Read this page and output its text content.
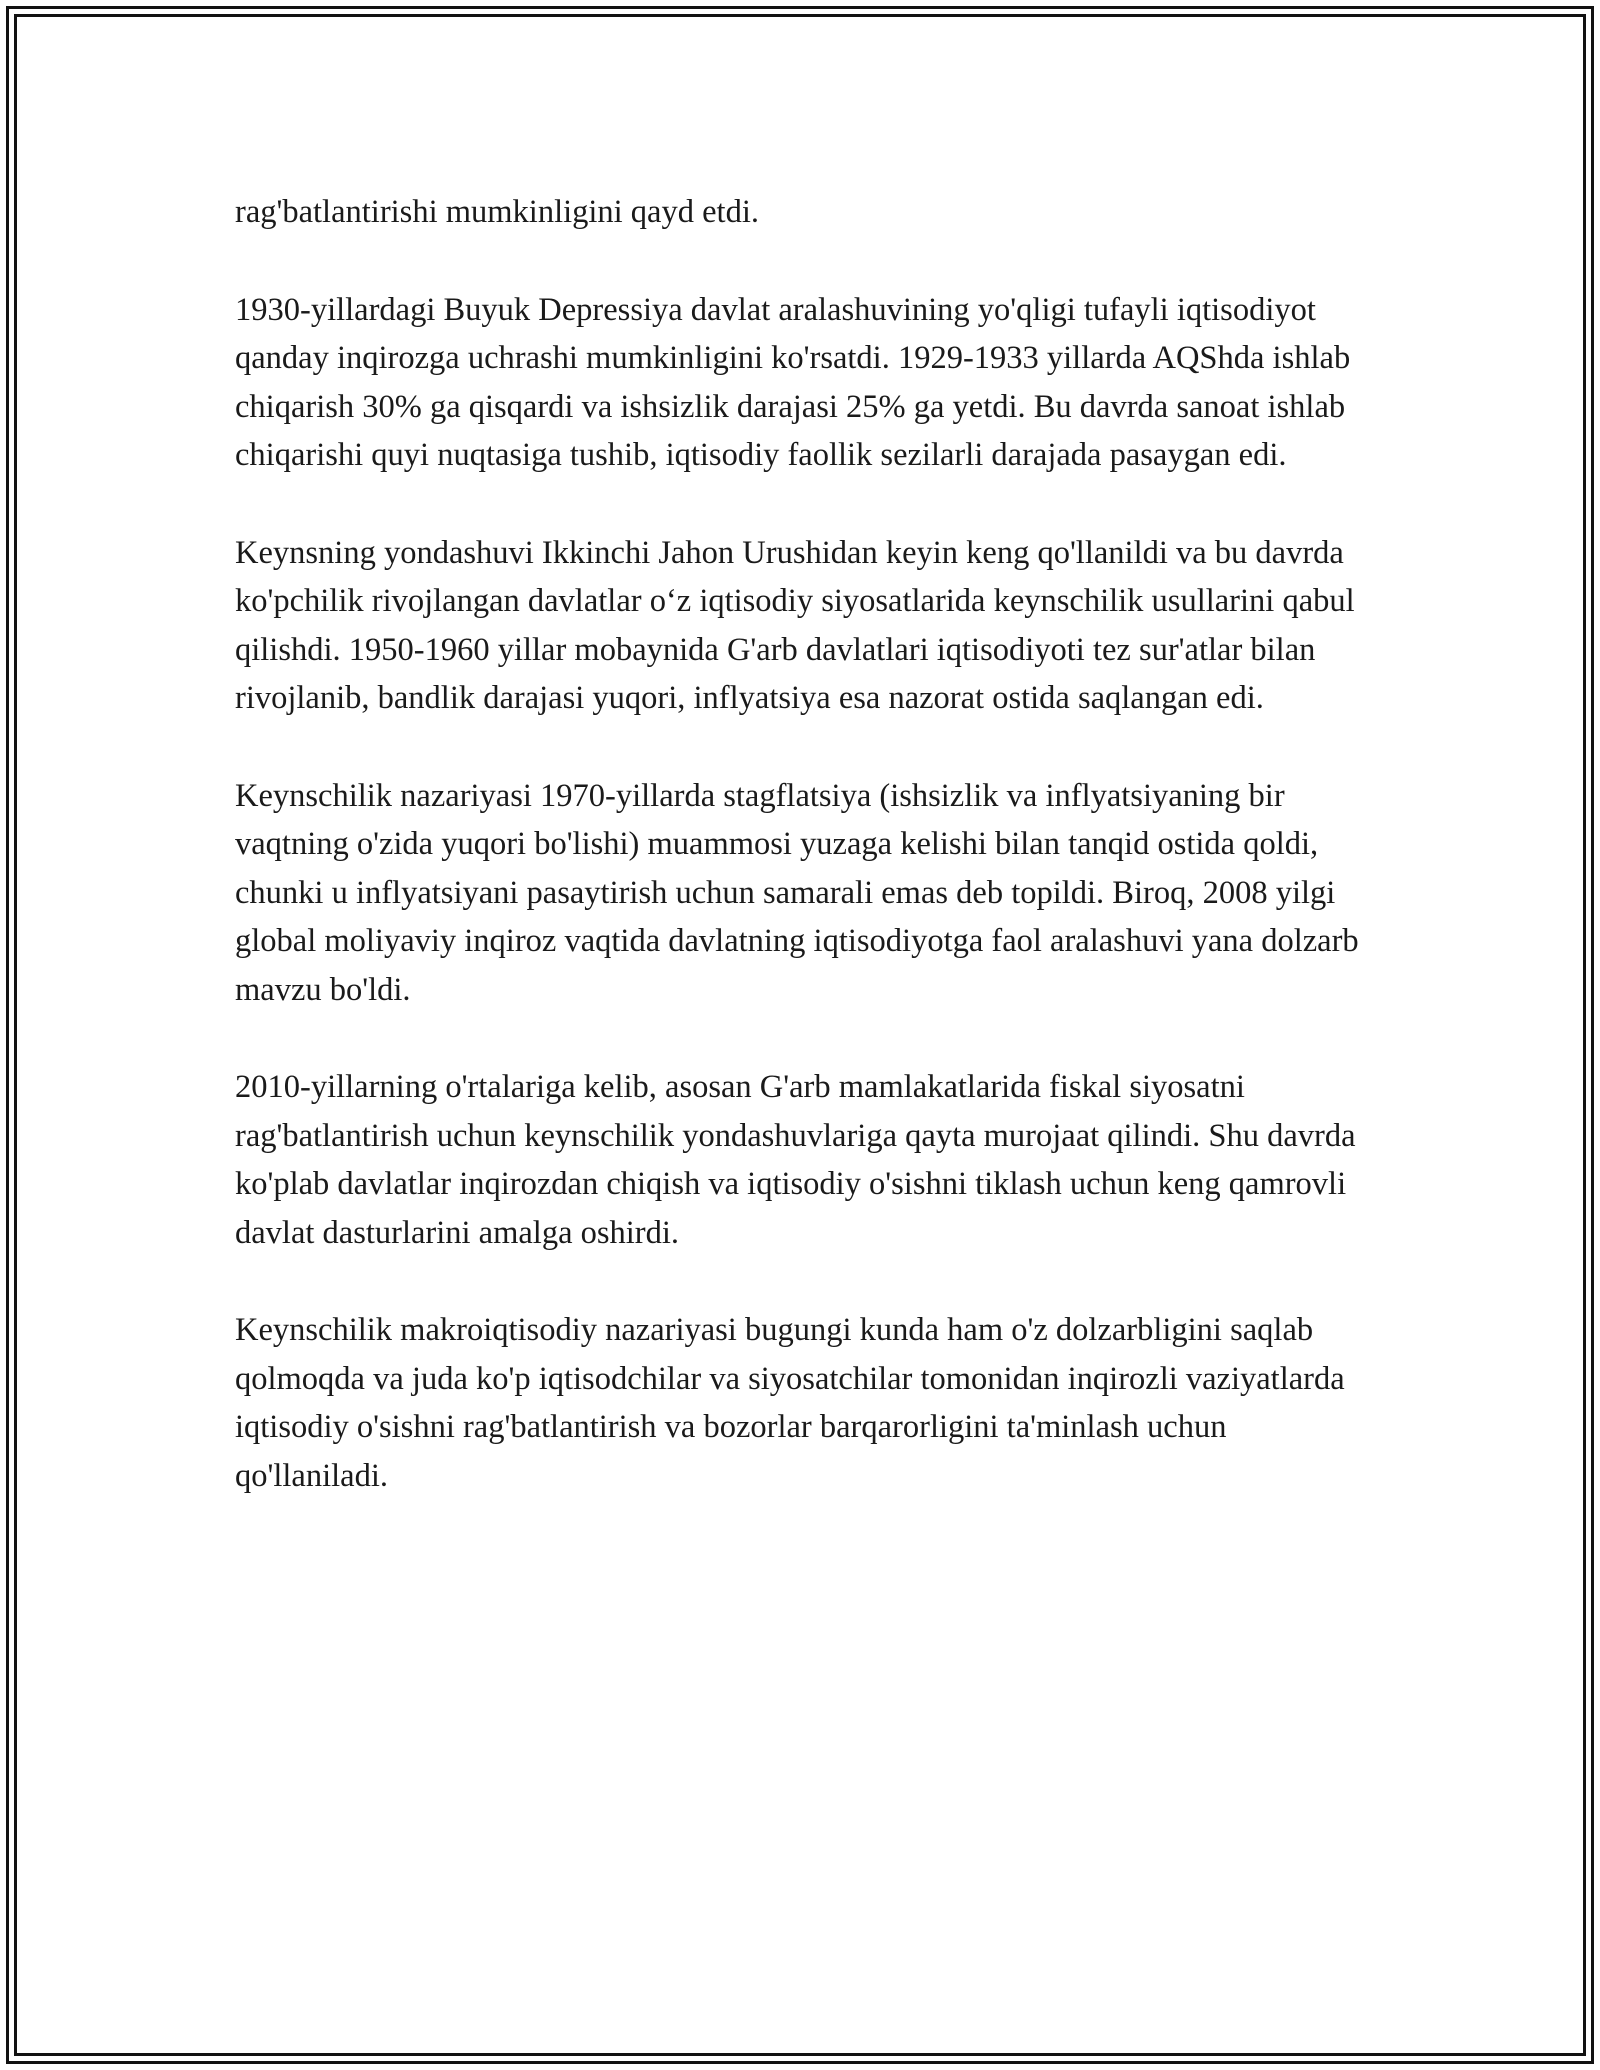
rag'batlantirishi mumkinligini qayd etdi.

1930-yillardagi Buyuk Depressiya davlat aralashuvining yo'qligi tufayli iqtisodiyot qanday inqirozga uchrashi mumkinligini ko'rsatdi. 1929-1933 yillarda AQShda ishlab chiqarish 30% ga qisqardi va ishsizlik darajasi 25% ga yetdi. Bu davrda sanoat ishlab chiqarishi quyi nuqtasiga tushib, iqtisodiy faollik sezilarli darajada pasaygan edi.

Keynsning yondashuvi Ikkinchi Jahon Urushidan keyin keng qo'llanildi va bu davrda ko'pchilik rivojlangan davlatlar o‘z iqtisodiy siyosatlarida keynschilik usullarini qabul qilishdi. 1950-1960 yillar mobaynida G'arb davlatlari iqtisodiyoti tez sur'atlar bilan rivojlanib, bandlik darajasi yuqori, inflyatsiya esa nazorat ostida saqlangan edi.

Keynschilik nazariyasi 1970-yillarda stagflatsiya (ishsizlik va inflyatsiyaning bir vaqtning o'zida yuqori bo'lishi) muammosi yuzaga kelishi bilan tanqid ostida qoldi, chunki u inflyatsiyani pasaytirish uchun samarali emas deb topildi. Biroq, 2008 yilgi global moliyaviy inqiroz vaqtida davlatning iqtisodiyotga faol aralashuvi yana dolzarb mavzu bo'ldi.

2010-yillarning o'rtalariga kelib, asosan G'arb mamlakatlarida fiskal siyosatni rag'batlantirish uchun keynschilik yondashuvlariga qayta murojaat qilindi. Shu davrda ko'plab davlatlar inqirozdan chiqish va iqtisodiy o'sishni tiklash uchun keng qamrovli davlat dasturlarini amalga oshirdi.

Keynschilik makroiqtisodiy nazariyasi bugungi kunda ham o'z dolzarbligini saqlab qolmoqda va juda ko'p iqtisodchilar va siyosatchilar tomonidan inqirozli vaziyatlarda iqtisodiy o'sishni rag'batlantirish va bozorlar barqarorligini ta'minlash uchun qo'llaniladi.
